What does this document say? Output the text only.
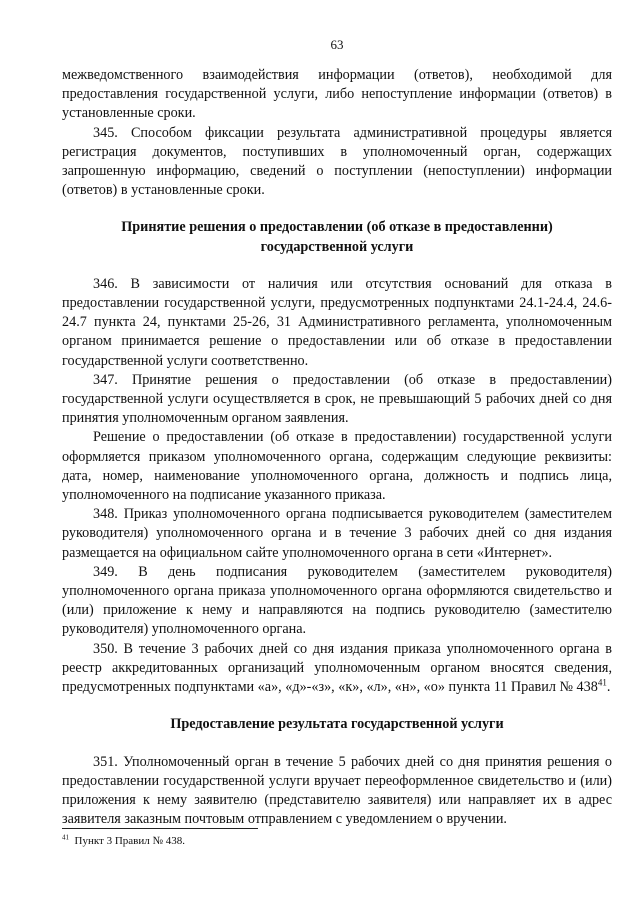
63

межведомственного взаимодействия информации (ответов), необходимой для предоставления государственной услуги, либо непоступление информации (ответов) в установленные сроки.

345. Способом фиксации результата административной процедуры является регистрация документов, поступивших в уполномоченный орган, содержащих запрошенную информацию, сведений о поступлении (непоступлении) информации (ответов) в установленные сроки.

Принятие решения о предоставлении (об отказе в предоставленни)
государственной услуги

346. В зависимости от наличия или отсутствия оснований для отказа в предоставлении государственной услуги, предусмотренных подпунктами 24.1-24.4, 24.6-24.7 пункта 24, пунктами 25-26, 31 Административного регламента, уполномоченным органом принимается решение о предоставлении или об отказе в предоставлении государственной услуги соответственно.

347. Принятие решения о предоставлении (об отказе в предоставлении) государственной услуги осуществляется в срок, не превышающий 5 рабочих дней со дня принятия уполномоченным органом заявления.

Решение о предоставлении (об отказе в предоставлении) государственной услуги оформляется приказом уполномоченного органа, содержащим следующие реквизиты: дата, номер, наименование уполномоченного органа, должность и подпись лица, уполномоченного на подписание указанного приказа.

348. Приказ уполномоченного органа подписывается руководителем (заместителем руководителя) уполномоченного органа и в течение 3 рабочих дней со дня издания размещается на официальном сайте уполномоченного органа в сети «Интернет».

349. В день подписания руководителем (заместителем руководителя) уполномоченного органа приказа уполномоченного органа оформляются свидетельство и (или) приложение к нему и направляются на подпись руководителю (заместителю руководителя) уполномоченного органа.

350. В течение 3 рабочих дней со дня издания приказа уполномоченного органа в реестр аккредитованных организаций уполномоченным органом вносятся сведения, предусмотренных подпунктами «а», «д»-«з», «к», «л», «н», «о» пункта 11 Правил № $438^{41}$.

Предоставление результата государственной услуги

351. Уполномоченный орган в течение 5 рабочих дней со дня принятия решения о предоставлении государственной услуги вручает переоформленное свидетельство и (или) приложения к нему заявителю (представителю заявителя) или направляет их в адрес заявителя заказным почтовым отправлением с уведомлением о вручении.

$^{41}$ Пункт 3 Правил № 438.
